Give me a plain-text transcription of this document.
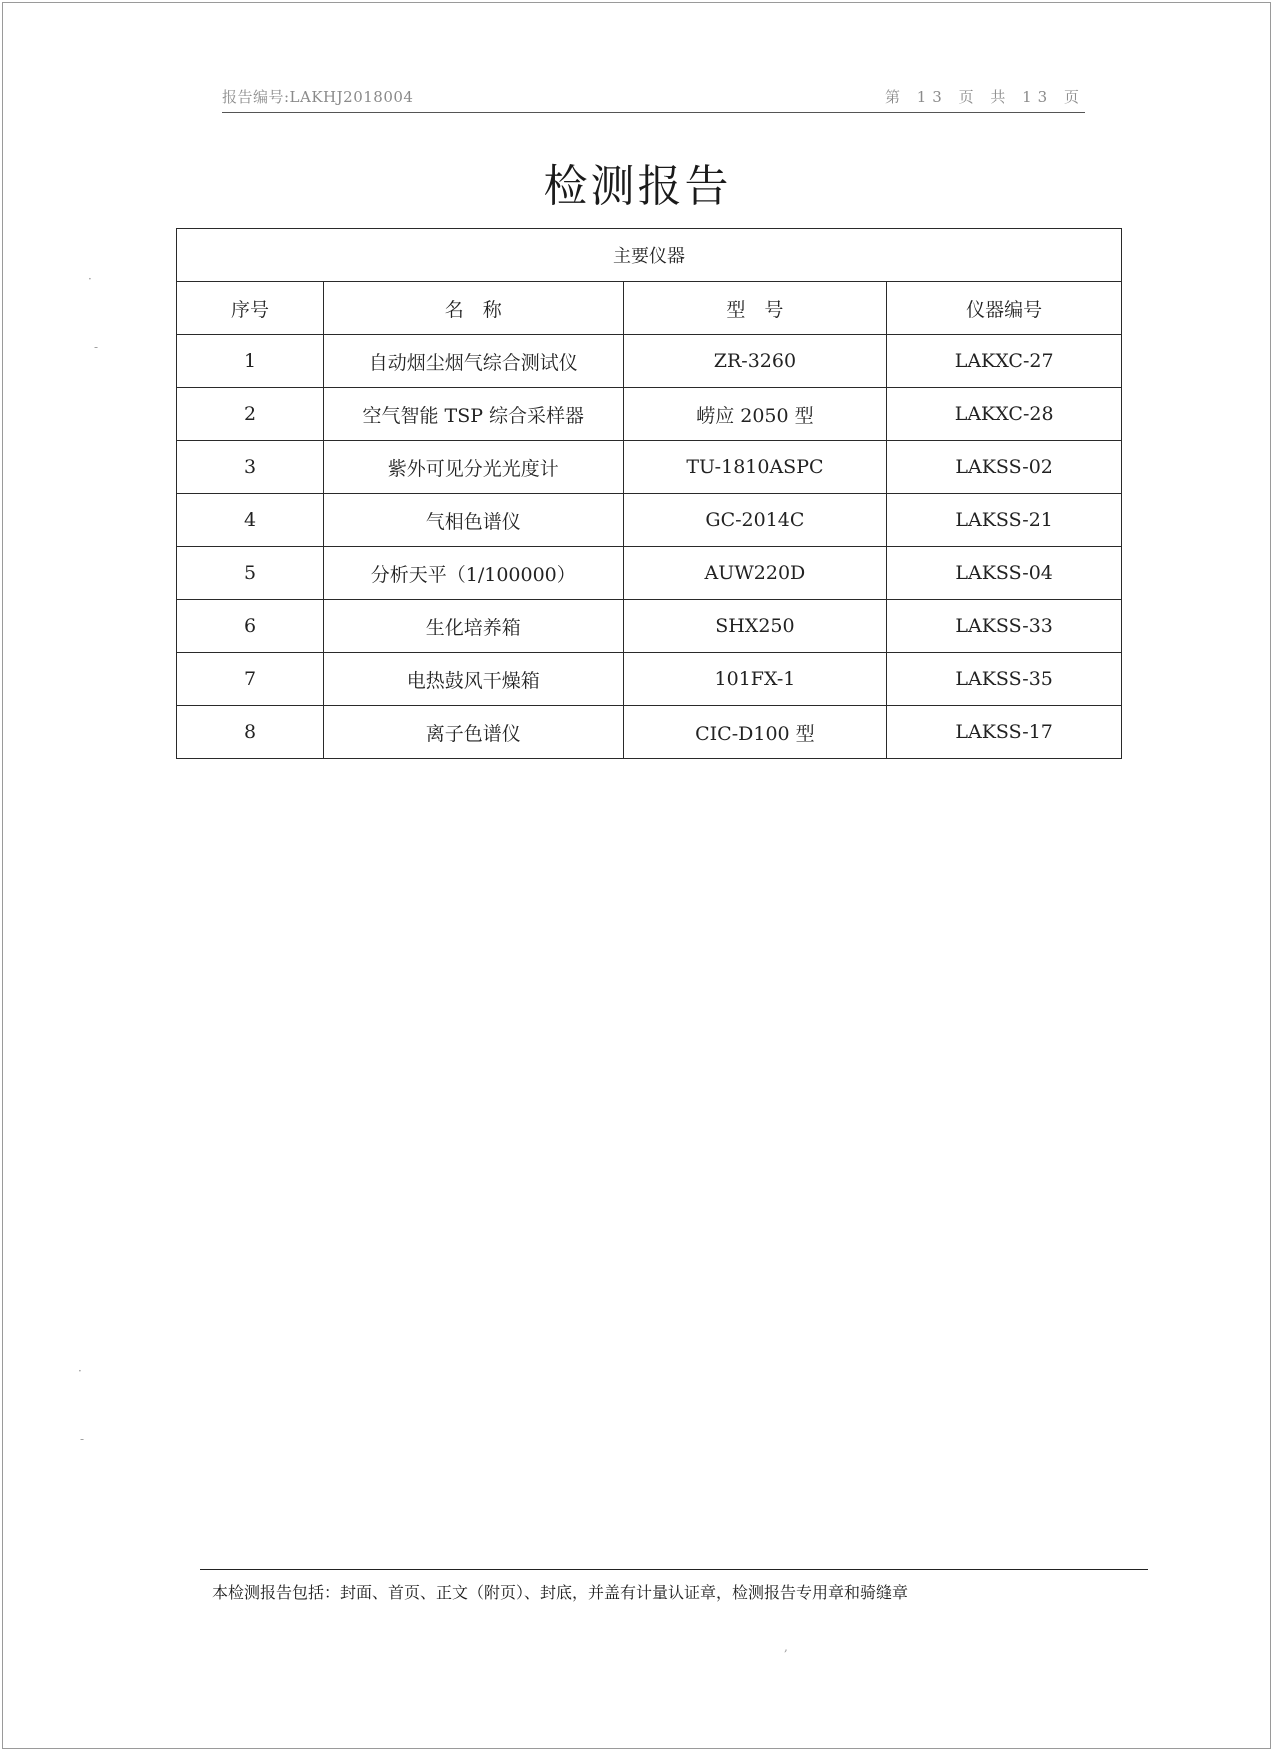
报告编号:LAKHJ2018004	第 13 页 共 13 页
检测报告
主要仪器			
序号	名　称	型　号	仪器编号
1	自动烟尘烟气综合测试仪	ZR-3260	LAKXC-27
2	空气智能 TSP 综合采样器	崂应 2050 型	LAKXC-28
3	紫外可见分光光度计	TU-1810ASPC	LAKSS-02
4	气相色谱仪	GC-2014C	LAKSS-21
5	分析天平（1/100000）	AUW220D	LAKSS-04
6	生化培养箱	SHX250	LAKSS-33
7	电热鼓风干燥箱	101FX-1	LAKSS-35
8	离子色谱仪	CIC-D100 型	LAKSS-17
本检测报告包括：封面、首页、正文（附页）、封底，并盖有计量认证章，检测报告专用章和骑缝章
·
-
·
-
,
